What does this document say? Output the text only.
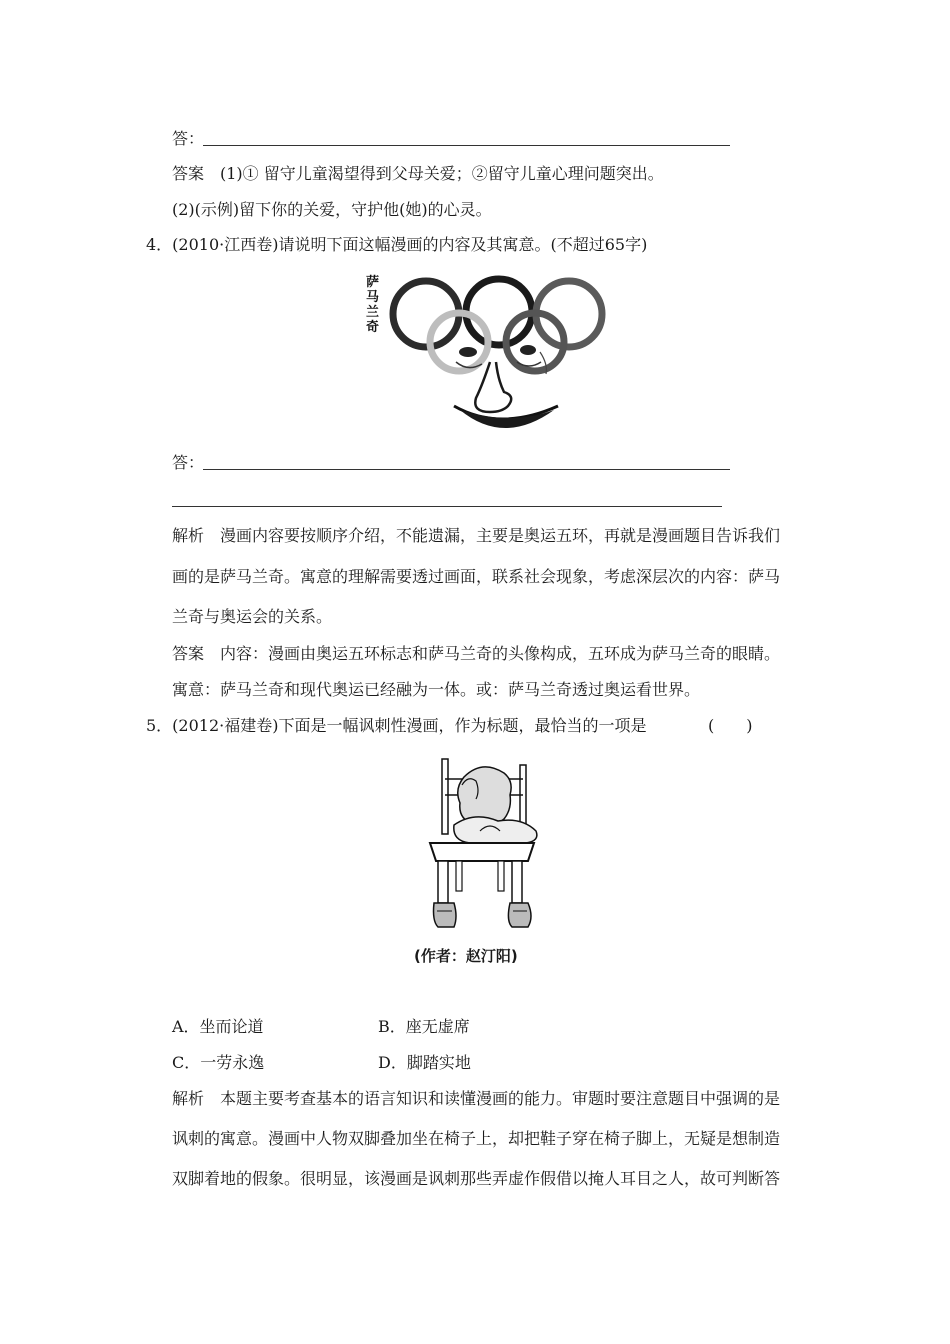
答：
答案　(1)① 留守儿童渴望得到父母关爱；②留守儿童心理问题突出。
(2)(示例)留下你的关爱，守护他(她)的心灵。
4．(2010·江西卷)请说明下面这幅漫画的内容及其寓意。(不超过65字)
萨 马 兰 奇
答：
解析　漫画内容要按顺序介绍，不能遗漏，主要是奥运五环，再就是漫画题目告诉我们
画的是萨马兰奇。寓意的理解需要透过画面，联系社会现象，考虑深层次的内容：萨马
兰奇与奥运会的关系。
答案　内容：漫画由奥运五环标志和萨马兰奇的头像构成，五环成为萨马兰奇的眼睛。
寓意：萨马兰奇和现代奥运已经融为一体。或：萨马兰奇透过奥运看世界。
5．(2012·福建卷)下面是一幅讽刺性漫画，作为标题，最恰当的一项是	(　　)
(作者：赵汀阳)
A．坐而论道	B．座无虚席
C．一劳永逸	D．脚踏实地
解析　本题主要考查基本的语言知识和读懂漫画的能力。审题时要注意题目中强调的是
讽刺的寓意。漫画中人物双脚叠加坐在椅子上，却把鞋子穿在椅子脚上，无疑是想制造
双脚着地的假象。很明显，该漫画是讽刺那些弄虚作假借以掩人耳目之人，故可判断答
